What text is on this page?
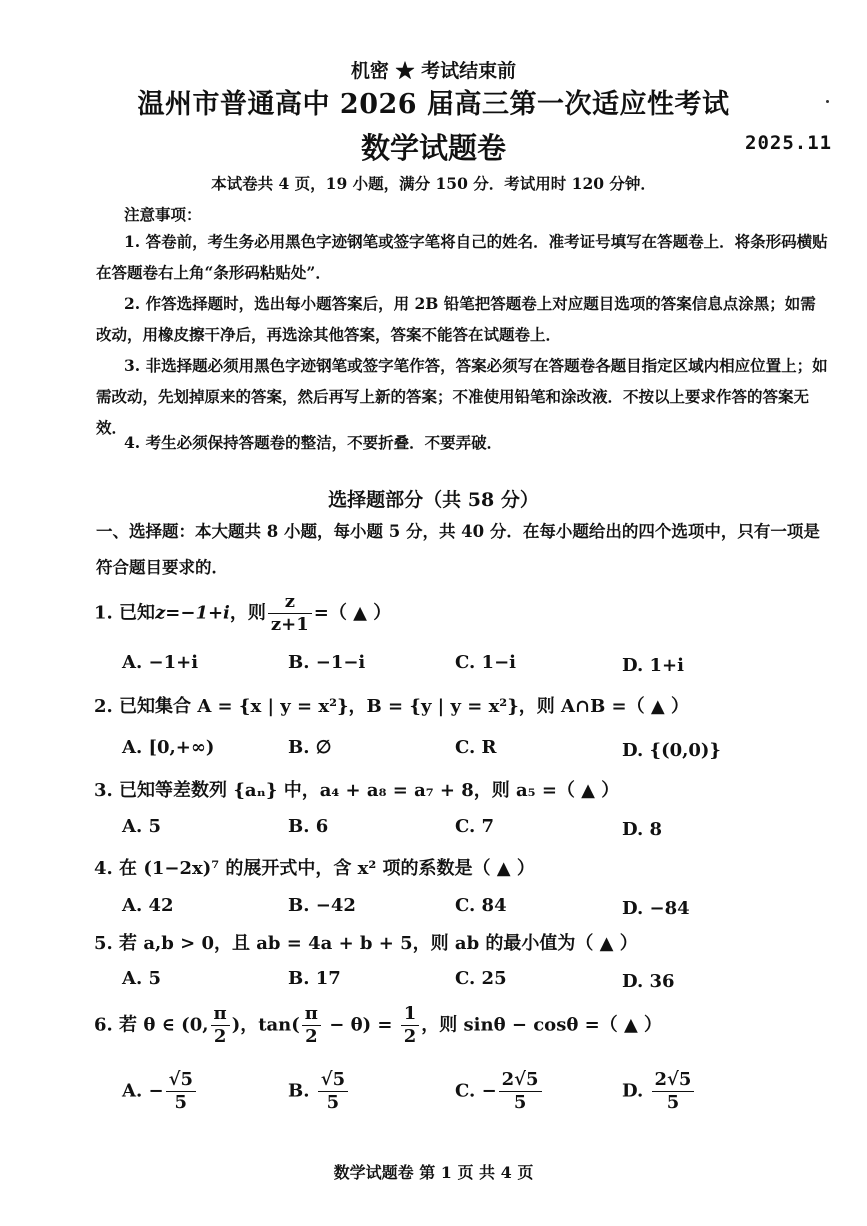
机密 ★ 考试结束前
温州市普通高中 2026 届高三第一次适应性考试
数学试题卷	2025.11
本试卷共 4 页，19 小题，满分 150 分．考试用时 120 分钟．
注意事项：
1. 答卷前，考生务必用黑色字迹钢笔或签字笔将自己的姓名．准考证号填写在答题卷上．将条形码横贴在答题卷右上角“条形码粘贴处”．
2. 作答选择题时，选出每小题答案后，用 2B 铅笔把答题卷上对应题目选项的答案信息点涂黑；如需改动，用橡皮擦干净后，再选涂其他答案，答案不能答在试题卷上．
3. 非选择题必须用黑色字迹钢笔或签字笔作答，答案必须写在答题卷各题目指定区域内相应位置上；如需改动，先划掉原来的答案，然后再写上新的答案；不准使用铅笔和涂改液．不按以上要求作答的答案无效．
4. 考生必须保持答题卷的整洁，不要折叠．不要弄破．
选择题部分（共 58 分）
一、选择题：本大题共 8 小题，每小题 5 分，共 40 分．在每小题给出的四个选项中，只有一项是符合题目要求的．
1. 已知z=−1+i，则 $\frac{z}{z+1}$ =（ ▲ ）
A. −1+i	B. −1−i	C. 1−i	D. 1+i
2. 已知集合 A = {x | y = x²}，B = {y | y = x²}，则 A∩B =（ ▲ ）
A. [0,+∞)	B. ∅	C. R	D. {(0,0)}
3. 已知等差数列 {aₙ} 中，a₄ + a₈ = a₇ + 8，则 a₅ =（ ▲ ）
A. 5	B. 6	C. 7	D. 8
4. 在 (1−2x)⁷ 的展开式中，含 x² 项的系数是（ ▲ ）
A. 42	B. −42	C. 84	D. −84
5. 若 a,b > 0，且 ab = 4a + b + 5，则 ab 的最小值为（ ▲ ）
A. 5	B. 17	C. 25	D. 36
6. 若 θ ∈ (0, $\frac{\pi}{2}$ )，$\tan( \frac{\pi}{2} - \theta) = \frac{1}{2}$ ，则 sinθ − cosθ =（ ▲ ）
A. − $\frac{√5}{5}$	B. $\frac{√5}{5}$	C. − $\frac{2√5}{5}$	D. $\frac{2√5}{5}$
数学试题卷 第 1 页 共 4 页
